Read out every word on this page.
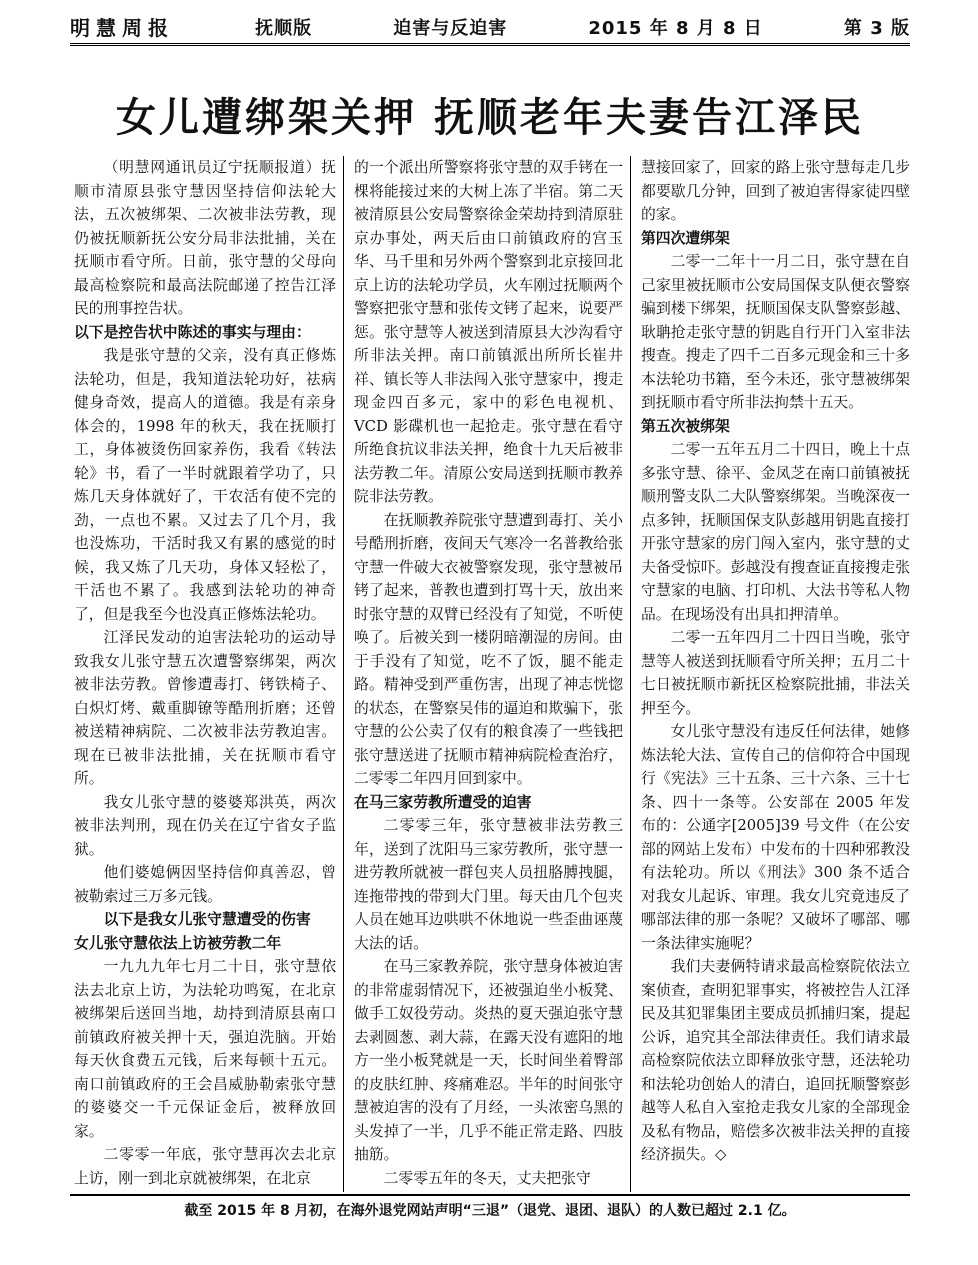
明慧周报	抚顺版	迫害与反迫害	2015 年 8 月 8 日	第 3 版
女儿遭绑架关押 抚顺老年夫妻告江泽民

（明慧网通讯员辽宁抚顺报道）抚顺市清原县张守慧因坚持信仰法轮大法，五次被绑架、二次被非法劳教，现仍被抚顺新抚公安分局非法批捕，关在抚顺市看守所。日前，张守慧的父母向最高检察院和最高法院邮递了控告江泽民的刑事控告状。

以下是控告状中陈述的事实与理由：

我是张守慧的父亲，没有真正修炼法轮功，但是，我知道法轮功好，祛病健身奇效，提高人的道德。我是有亲身体会的，1998 年的秋天，我在抚顺打工，身体被烫伤回家养伤，我看《转法轮》书，看了一半时就跟着学功了，只炼几天身体就好了，干农活有使不完的劲，一点也不累。又过去了几个月，我也没炼功，干活时我又有累的感觉的时候，我又炼了几天功，身体又轻松了，干活也不累了。我感到法轮功的神奇了，但是我至今也没真正修炼法轮功。

江泽民发动的迫害法轮功的运动导致我女儿张守慧五次遭警察绑架，两次被非法劳教。曾惨遭毒打、铐铁椅子、白炽灯烤、戴重脚镣等酷刑折磨；还曾被送精神病院、二次被非法劳教迫害。现在已被非法批捕，关在抚顺市看守所。

我女儿张守慧的婆婆郑洪英，两次被非法判刑，现在仍关在辽宁省女子监狱。

他们婆媳俩因坚持信仰真善忍，曾被勒索过三万多元钱。

以下是我女儿张守慧遭受的伤害
女儿张守慧依法上访被劳教二年

一九九九年七月二十日，张守慧依法去北京上访，为法轮功鸣冤，在北京被绑架后送回当地，劫持到清原县南口前镇政府被关押十天，强迫洗脑。开始每天伙食费五元钱，后来每顿十五元。南口前镇政府的王会昌威胁勒索张守慧的婆婆交一千元保证金后，被释放回家。

二零零一年底，张守慧再次去北京上访，刚一到北京就被绑架，在北京

的一个派出所警察将张守慧的双手铐在一棵将能接过来的大树上冻了半宿。第二天被清原县公安局警察徐金荣劫持到清原驻京办事处，两天后由口前镇政府的宫玉华、马千里和另外两个警察到北京接回北京上访的法轮功学员，火车刚过抚顺两个警察把张守慧和张传文铐了起来，说要严惩。张守慧等人被送到清原县大沙沟看守所非法关押。南口前镇派出所所长崔井祥、镇长等人非法闯入张守慧家中，搜走现金四百多元，家中的彩色电视机、VCD 影碟机也一起抢走。张守慧在看守所绝食抗议非法关押，绝食十九天后被非法劳教二年。清原公安局送到抚顺市教养院非法劳教。

在抚顺教养院张守慧遭到毒打、关小号酷刑折磨，夜间天气寒冷一名普教给张守慧一件破大衣被警察发现，张守慧被吊铐了起来，普教也遭到打骂十天，放出来时张守慧的双臂已经没有了知觉，不听使唤了。后被关到一楼阴暗潮湿的房间。由于手没有了知觉，吃不了饭，腿不能走路。精神受到严重伤害，出现了神志恍惚的状态，在警察吴伟的逼迫和欺骗下，张守慧的公公卖了仅有的粮食凑了一些钱把张守慧送进了抚顺市精神病院检查治疗，二零零二年四月回到家中。

在马三家劳教所遭受的迫害

二零零三年，张守慧被非法劳教三年，送到了沈阳马三家劳教所，张守慧一进劳教所就被一群包夹人员扭胳膊拽腿，连拖带拽的带到大门里。每天由几个包夹人员在她耳边哄哄不休地说一些歪曲诬蔑大法的话。

在马三家教养院，张守慧身体被迫害的非常虚弱情况下，还被强迫坐小板凳、做手工奴役劳动。炎热的夏天强迫张守慧去剥圆葱、剥大蒜，在露天没有遮阳的地方一坐小板凳就是一天，长时间坐着臀部的皮肤红肿、疼痛难忍。半年的时间张守慧被迫害的没有了月经，一头浓密乌黑的头发掉了一半，几乎不能正常走路、四肢抽筋。

二零零五年的冬天，丈夫把张守

慧接回家了，回家的路上张守慧每走几步都要歇几分钟，回到了被迫害得家徒四壁的家。

第四次遭绑架

二零一二年十一月二日，张守慧在自己家里被抚顺市公安局国保支队便衣警察骗到楼下绑架，抚顺国保支队警察彭越、耿聃抢走张守慧的钥匙自行开门入室非法搜查。搜走了四千二百多元现金和三十多本法轮功书籍，至今未还，张守慧被绑架到抚顺市看守所非法拘禁十五天。

第五次被绑架

二零一五年五月二十四日，晚上十点多张守慧、徐平、金凤芝在南口前镇被抚顺刑警支队二大队警察绑架。当晚深夜一点多钟，抚顺国保支队彭越用钥匙直接打开张守慧家的房门闯入室内，张守慧的丈夫备受惊吓。彭越没有搜查证直接搜走张守慧家的电脑、打印机、大法书等私人物品。在现场没有出具扣押清单。

二零一五年四月二十四日当晚，张守慧等人被送到抚顺看守所关押；五月二十七日被抚顺市新抚区检察院批捕，非法关押至今。

女儿张守慧没有违反任何法律，她修炼法轮大法、宣传自己的信仰符合中国现行《宪法》三十五条、三十六条、三十七条、四十一条等。公安部在 2005 年发布的：公通字[2005]39 号文件（在公安部的网站上发布）中发布的十四种邪教没有法轮功。所以《刑法》300 条不适合对我女儿起诉、审理。我女儿究竟违反了哪部法律的那一条呢？又破坏了哪部、哪一条法律实施呢？

我们夫妻俩特请求最高检察院依法立案侦查，查明犯罪事实，将被控告人江泽民及其犯罪集团主要成员抓捕归案，提起公诉，追究其全部法律责任。我们请求最高检察院依法立即释放张守慧，还法轮功和法轮功创始人的清白，追回抚顺警察彭越等人私自入室抢走我女儿家的全部现金及私有物品，赔偿多次被非法关押的直接经济损失。◇

截至 2015 年 8 月初，在海外退党网站声明“三退”（退党、退团、退队）的人数已超过 2.1 亿。
